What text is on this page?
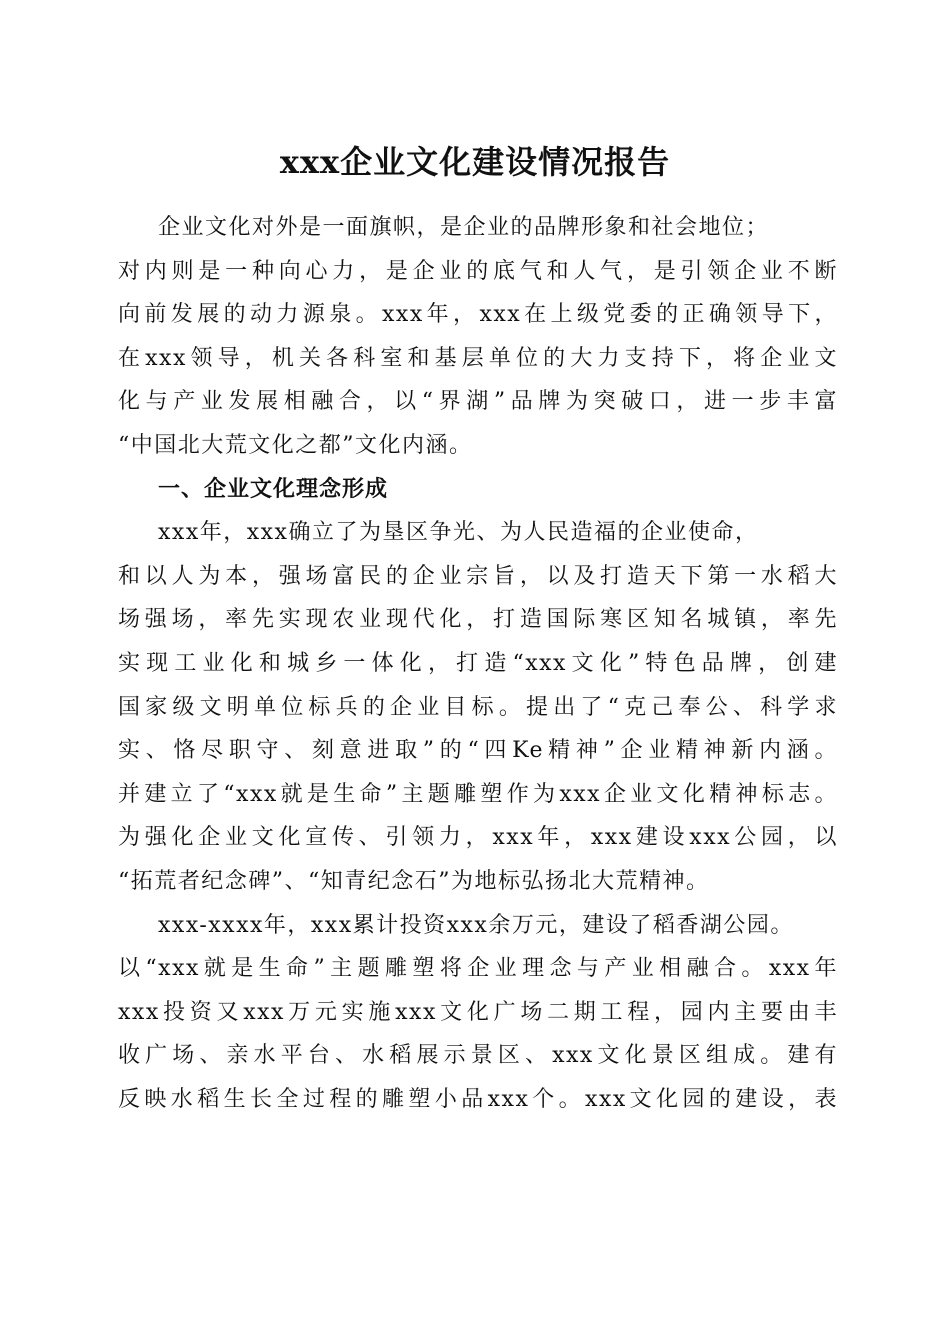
xxx企业文化建设情况报告
企业文化对外是一面旗帜，是企业的品牌形象和社会地位；
对内则是一种向心力，是企业的底气和人气，是引领企业不断
向前发展的动力源泉。xxx年，xxx在上级党委的正确领导下，
在xxx领导，机关各科室和基层单位的大力支持下，将企业文
化与产业发展相融合，以“界湖”品牌为突破口，进一步丰富
“中国北大荒文化之都”文化内涵。
一、企业文化理念形成
xxx年，xxx确立了为垦区争光、为人民造福的企业使命，
和以人为本，强场富民的企业宗旨，以及打造天下第一水稻大
场强场，率先实现农业现代化，打造国际寒区知名城镇，率先
实现工业化和城乡一体化，打造“xxx文化”特色品牌，创建
国家级文明单位标兵的企业目标。提出了“克己奉公、科学求
实、恪尽职守、刻意进取”的“四Ke精神”企业精神新内涵。
并建立了“xxx就是生命”主题雕塑作为xxx企业文化精神标志。
为强化企业文化宣传、引领力，xxx年，xxx建设xxx公园，以
“拓荒者纪念碑”、“知青纪念石”为地标弘扬北大荒精神。
xxx-xxxx年，xxx累计投资xxx余万元，建设了稻香湖公园。
以“xxx就是生命”主题雕塑将企业理念与产业相融合。xxx年
xxx投资又xxx万元实施xxx文化广场二期工程，园内主要由丰
收广场、亲水平台、水稻展示景区、xxx文化景区组成。建有
反映水稻生长全过程的雕塑小品xxx个。xxx文化园的建设，表
